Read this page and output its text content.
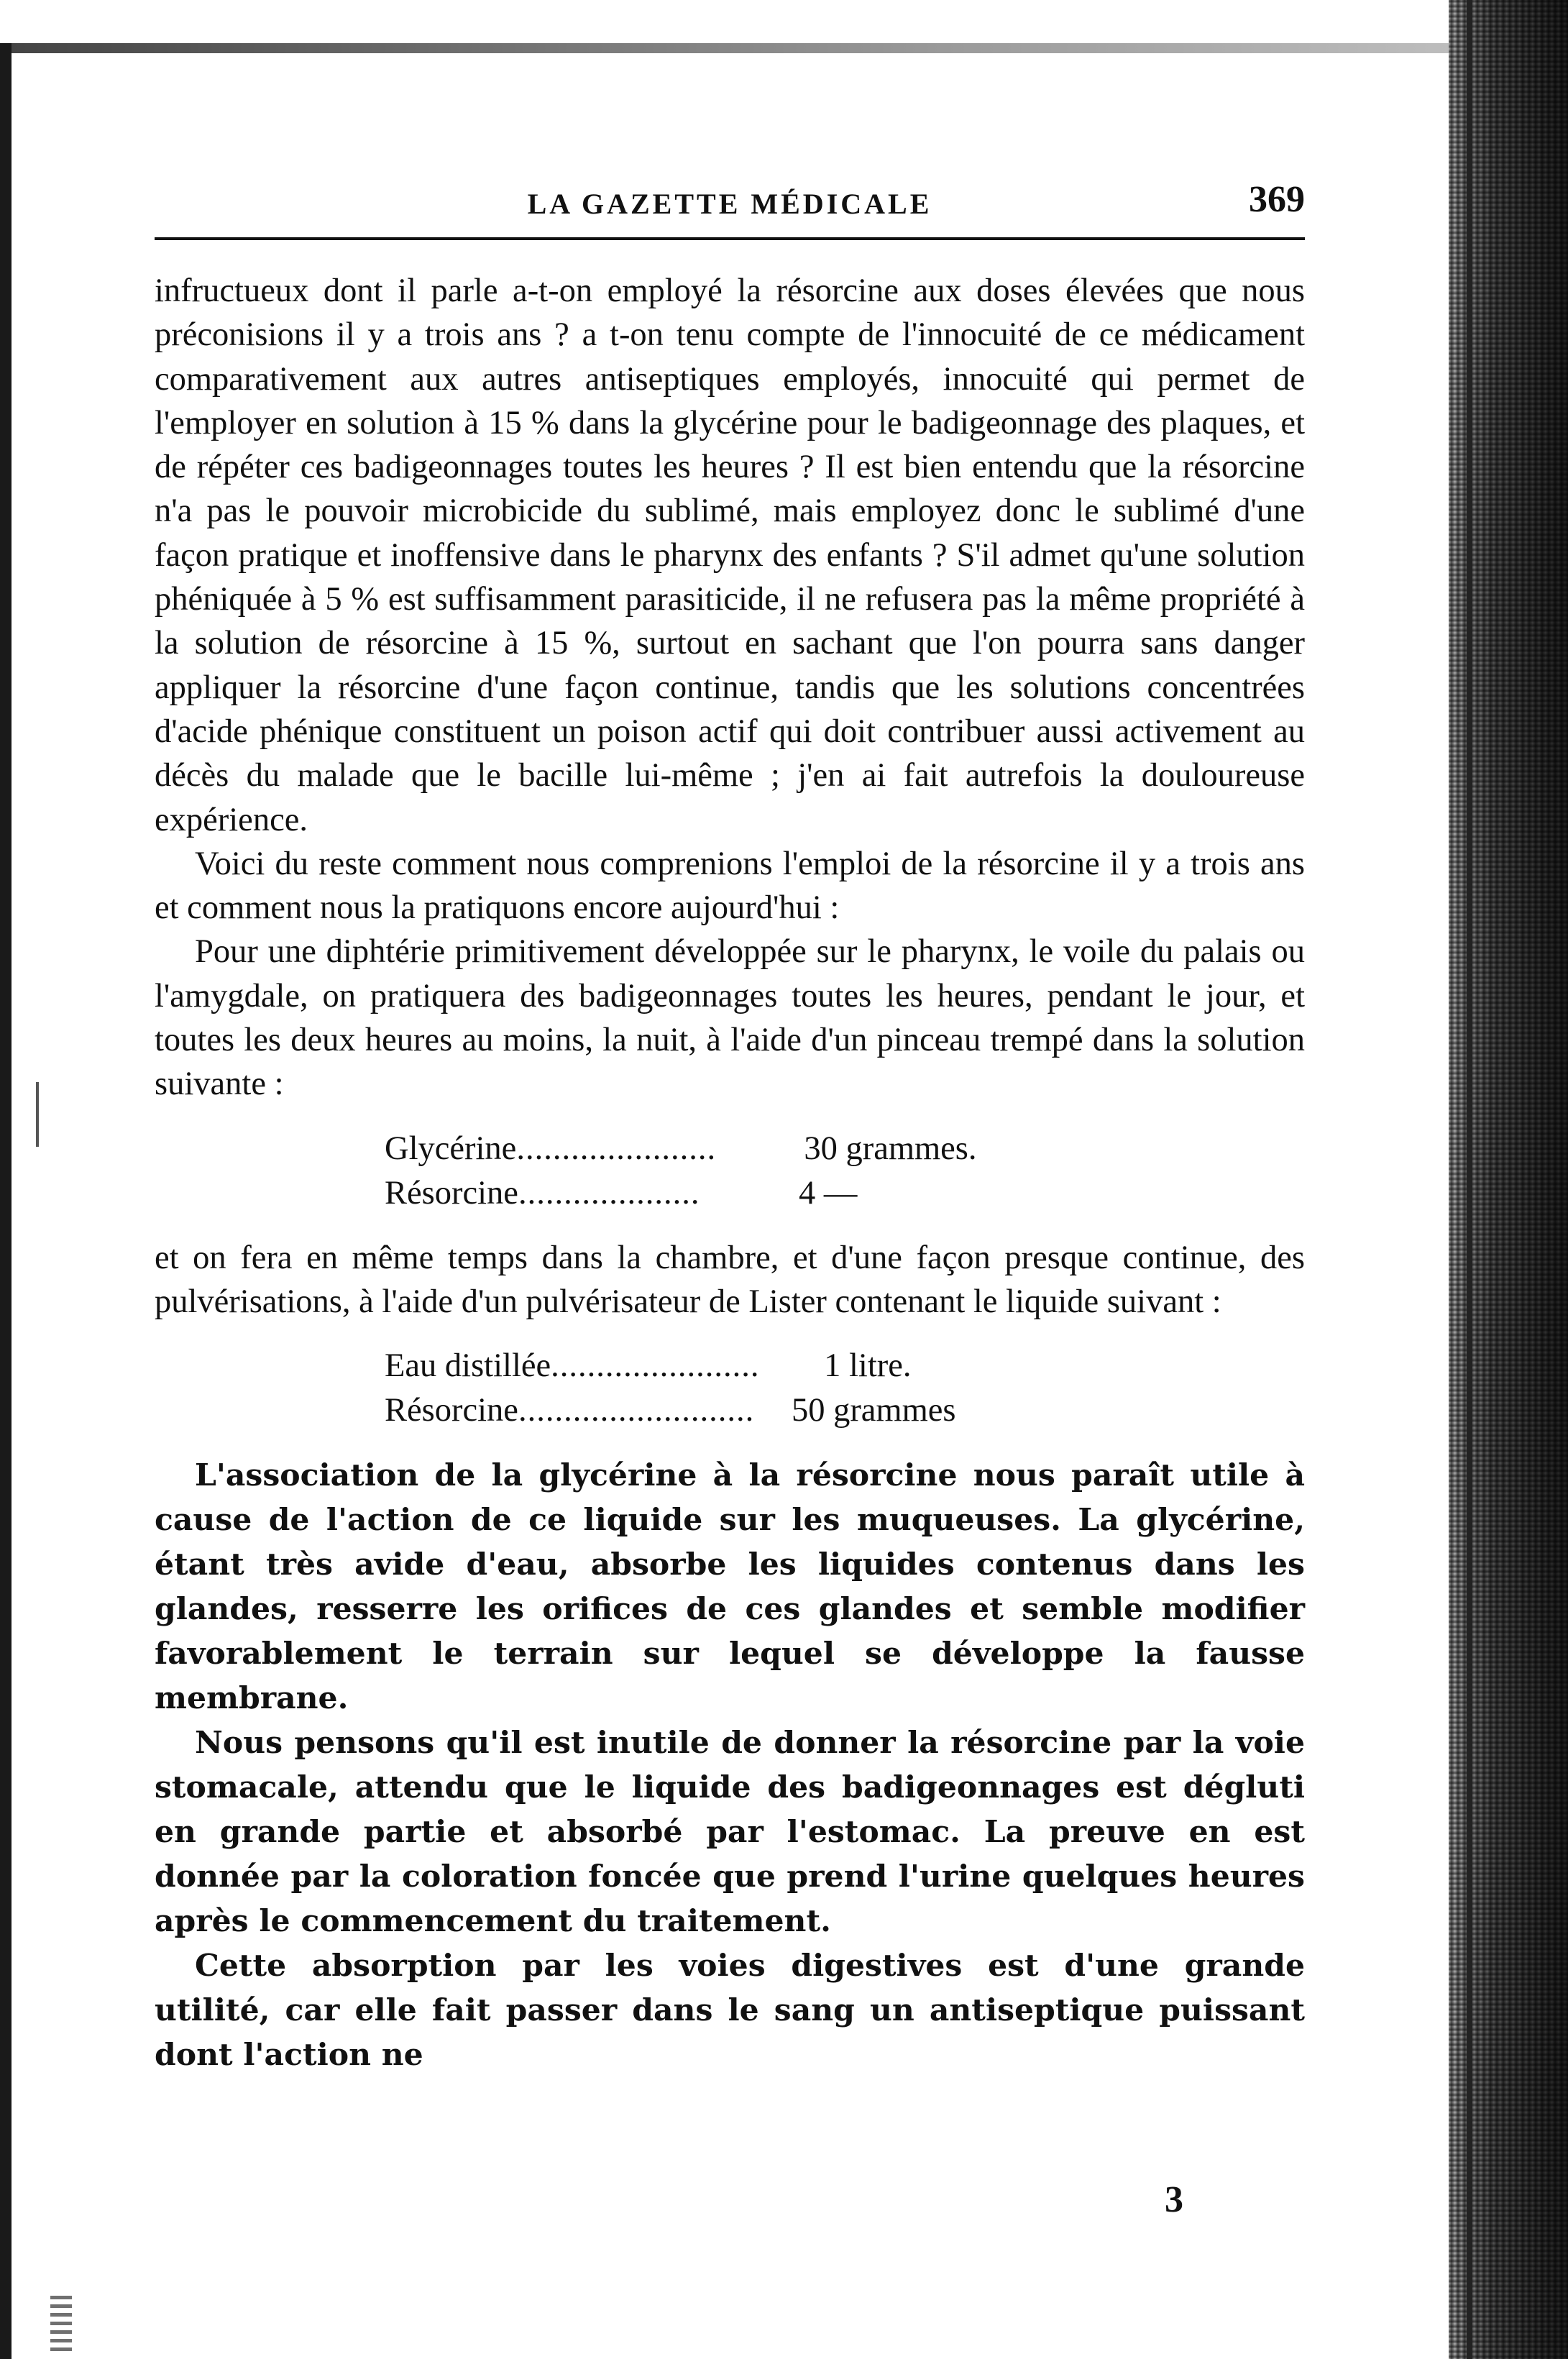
LA GAZETTE MÉDICALE	369

infructueux dont il parle a-t-on employé la résorcine aux doses élevées que nous préconisions il y a trois ans ? a t-on tenu compte de l'innocuité de ce médicament comparativement aux autres antiseptiques employés, innocuité qui permet de l'employer en solution à 15 % dans la glycérine pour le badigeonnage des plaques, et de répéter ces badigeonnages toutes les heures ? Il est bien entendu que la résorcine n'a pas le pouvoir microbicide du sublimé, mais employez donc le sublimé d'une façon pratique et inoffensive dans le pharynx des enfants ? S'il admet qu'une solution phéniquée à 5 % est suffisamment parasiticide, il ne refusera pas la même propriété à la solution de résorcine à 15 %, surtout en sachant que l'on pourra sans danger appliquer la résorcine d'une façon continue, tandis que les solutions concentrées d'acide phénique constituent un poison actif qui doit contribuer aussi activement au décès du malade que le bacille lui-même ; j'en ai fait autrefois la douloureuse expérience.

Voici du reste comment nous comprenions l'emploi de la résorcine il y a trois ans et comment nous la pratiquons encore aujourd'hui :

Pour une diphtérie primitivement développée sur le pharynx, le voile du palais ou l'amygdale, on pratiquera des badigeonnages toutes les heures, pendant le jour, et toutes les deux heures au moins, la nuit, à l'aide d'un pinceau trempé dans la solution suivante :

Glycérine ......................	30 grammes.
Résorcine ....................	4 —

et on fera en même temps dans la chambre, et d'une façon presque continue, des pulvérisations, à l'aide d'un pulvérisateur de Lister contenant le liquide suivant :

Eau distillée .......................	1 litre.
Résorcine ..........................	50 grammes

L'association de la glycérine à la résorcine nous paraît utile à cause de l'action de ce liquide sur les muqueuses. La glycérine, étant très avide d'eau, absorbe les liquides contenus dans les glandes, resserre les orifices de ces glandes et semble modifier favorablement le terrain sur lequel se développe la fausse membrane.

Nous pensons qu'il est inutile de donner la résorcine par la voie stomacale, attendu que le liquide des badigeonnages est dégluti en grande partie et absorbé par l'estomac. La preuve en est donnée par la coloration foncée que prend l'urine quelques heures après le commencement du traitement.

Cette absorption par les voies digestives est d'une grande utilité, car elle fait passer dans le sang un antiseptique puissant dont l'action ne

3
